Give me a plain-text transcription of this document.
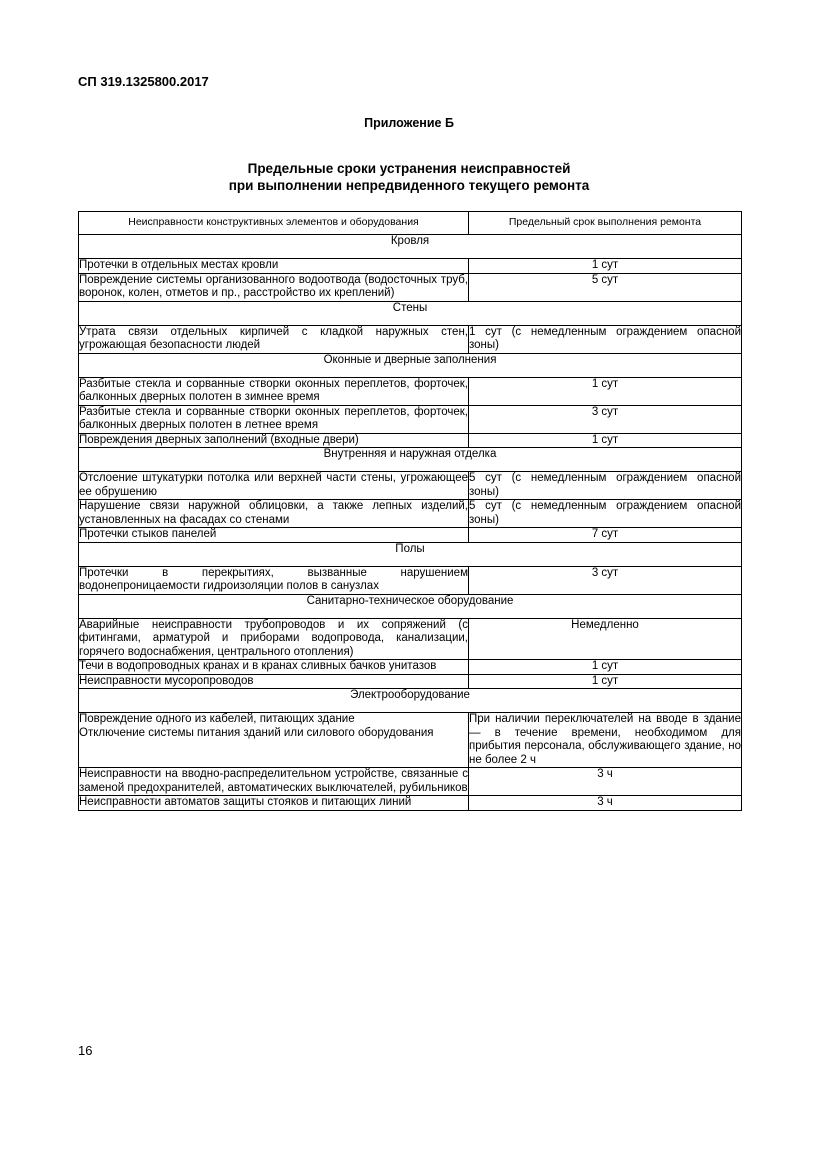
СП 319.1325800.2017
Приложение Б
Предельные сроки устранения неисправностей
при выполнении непредвиденного текущего ремонта
Неисправности конструктивных элементов и оборудования	Предельный срок выполнения ремонта
Кровля	
Протечки в отдельных местах кровли	1 сут
Повреждение системы организованного водоотвода (водосточных труб, воронок, колен, отметов и пр., расстройство их креплений)	5 сут
Стены	
Утрата связи отдельных кирпичей с кладкой наружных стен, угрожающая безопасности людей	1 сут (с немедленным ограждением опасной зоны)
Оконные и дверные заполнения	
Разбитые стекла и сорванные створки оконных переплетов, форточек, балконных дверных полотен в зимнее время	1 сут
Разбитые стекла и сорванные створки оконных переплетов, форточек, балконных дверных полотен в летнее время	3 сут
Повреждения дверных заполнений (входные двери)	1 сут
Внутренняя и наружная отделка	
Отслоение штукатурки потолка или верхней части стены, угрожающее ее обрушению	5 сут (с немедленным ограждением опасной зоны)
Нарушение связи наружной облицовки, а также лепных изделий, установленных на фасадах со стенами	5 сут (с немедленным ограждением опасной зоны)
Протечки стыков панелей	7 сут
Полы	
Протечки в перекрытиях, вызванные нарушением водонепроницаемости гидроизоляции полов в санузлах	3 сут
Санитарно-техническое оборудование	
Аварийные неисправности трубопроводов и их сопряжений (с фитингами, арматурой и приборами водопровода, канализации, горячего водоснабжения, центрального отопления)	Немедленно
Течи в водопроводных кранах и в кранах сливных бачков унитазов	1 сут
Неисправности мусоропроводов	1 сут
Электрооборудование	
Повреждение одного из кабелей, питающих здание
Отключение системы питания зданий или силового оборудования	При наличии переключателей на вводе в здание — в течение времени, необходимом для прибытия персонала, обслуживающего здание, но не более 2 ч
Неисправности на вводно-распределительном устройстве, связанные с заменой предохранителей, автоматических выключателей, рубильников	3 ч
Неисправности автоматов защиты стояков и питающих линий	3 ч
16
